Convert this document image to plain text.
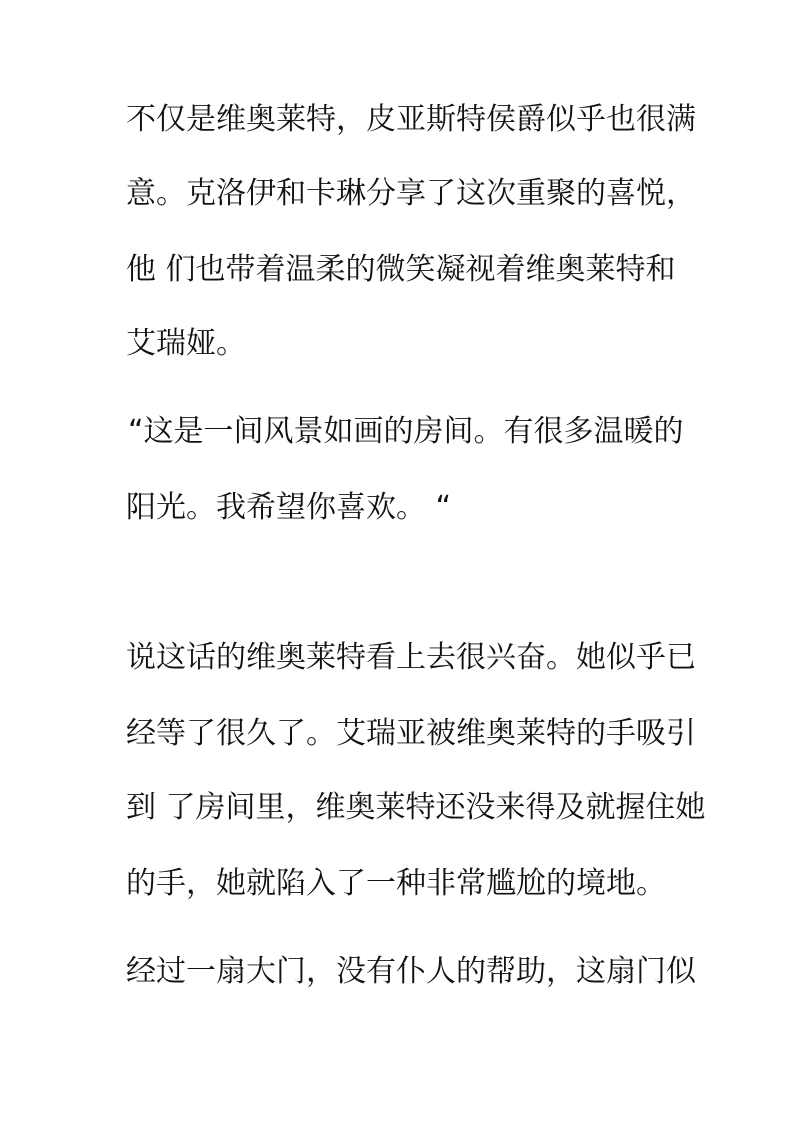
不仅是维奥莱特，皮亚斯特侯爵似乎也很满
意。克洛伊和卡琳分享了这次重聚的喜悦，
他 们也带着温柔的微笑凝视着维奥莱特和
艾瑞娅。
“这是一间风景如画的房间。有很多温暖的
阳光。我希望你喜欢。 “
说这话的维奥莱特看上去很兴奋。她似乎已
经等了很久了。艾瑞亚被维奥莱特的手吸引
到 了房间里，维奥莱特还没来得及就握住她
的手，她就陷入了一种非常尴尬的境地。
经过一扇大门，没有仆人的帮助，这扇门似
